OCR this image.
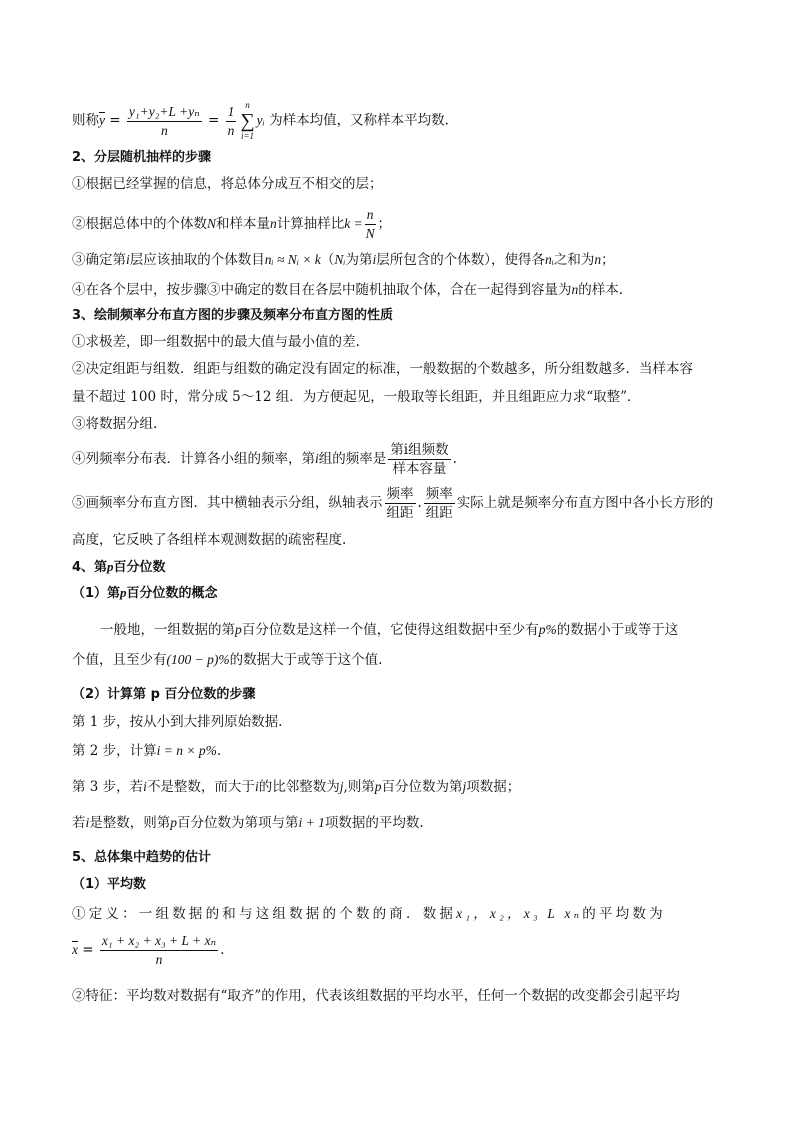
则称$\overline{y} = \frac{\text{y₁+y₂+L +yₙ}}{n} = \frac{1}{n}$ n
∑
i=1yᵢ 为样本均值，又称样本平均数.
2、分层随机抽样的步骤
①根据已经掌握的信息，将总体分成互不相交的层；
②根据总体中的个体数N和样本量n计算抽样比$k = \frac{n}{N}$ ；
③确定第i层应该抽取的个体数目nᵢ ≈ Nᵢ × k（Nᵢ为第i层所包含的个体数），使得各nᵢ之和为n；
④在各个层中，按步骤③中确定的数目在各层中随机抽取个体，合在一起得到容量为n的样本.
3、绘制频率分布直方图的步骤及频率分布直方图的性质
①求极差，即一组数据中的最大值与最小值的差.
②决定组距与组数．组距与组数的确定没有固定的标准，一般数据的个数越多，所分组数越多．当样本容
量不超过 100 时，常分成 5～12 组．为方便起见，一般取等长组距，并且组距应力求“取整”．
③将数据分组.
④列频率分布表．计算各小组的频率，第i组的频率是 $\frac{\text{第i组频数}}{\text{样本容量}}$ .
⑤画频率分布直方图．其中横轴表示分组，纵轴表示 $\frac{\text{频率}}{\text{组距}}$ . $\frac{\text{频率}}{\text{组距}}$ 实际上就是频率分布直方图中各小长方形的
高度，它反映了各组样本观测数据的疏密程度.
4、第p百分位数
（1）第p百分位数的概念
一般地，一组数据的第p百分位数是这样一个值，它使得这组数据中至少有p%的数据小于或等于这
个值，且至少有(100 − p)%的数据大于或等于这个值.
（2）计算第 p 百分位数的步骤
第 1 步，按从小到大排列原始数据.
第 2 步，计算i = n × p%.
第 3 步，若i不是整数，而大于i的比邻整数为j,则第p百分位数为第j项数据；
若i是整数，则第p百分位数为第项与第i + 1项数据的平均数.
5、总体集中趋势的估计
（1）平均数
①定义：一组数据的和与这组数据的个数的商．数据x₁，x₂，x₃ L xₙ的平均数为
$\overline{x} = \frac{\text{x₁ + x₂ + x₃ + L + xₙ}}{n}$ .
②特征：平均数对数据有“取齐”的作用，代表该组数据的平均水平，任何一个数据的改变都会引起平均
